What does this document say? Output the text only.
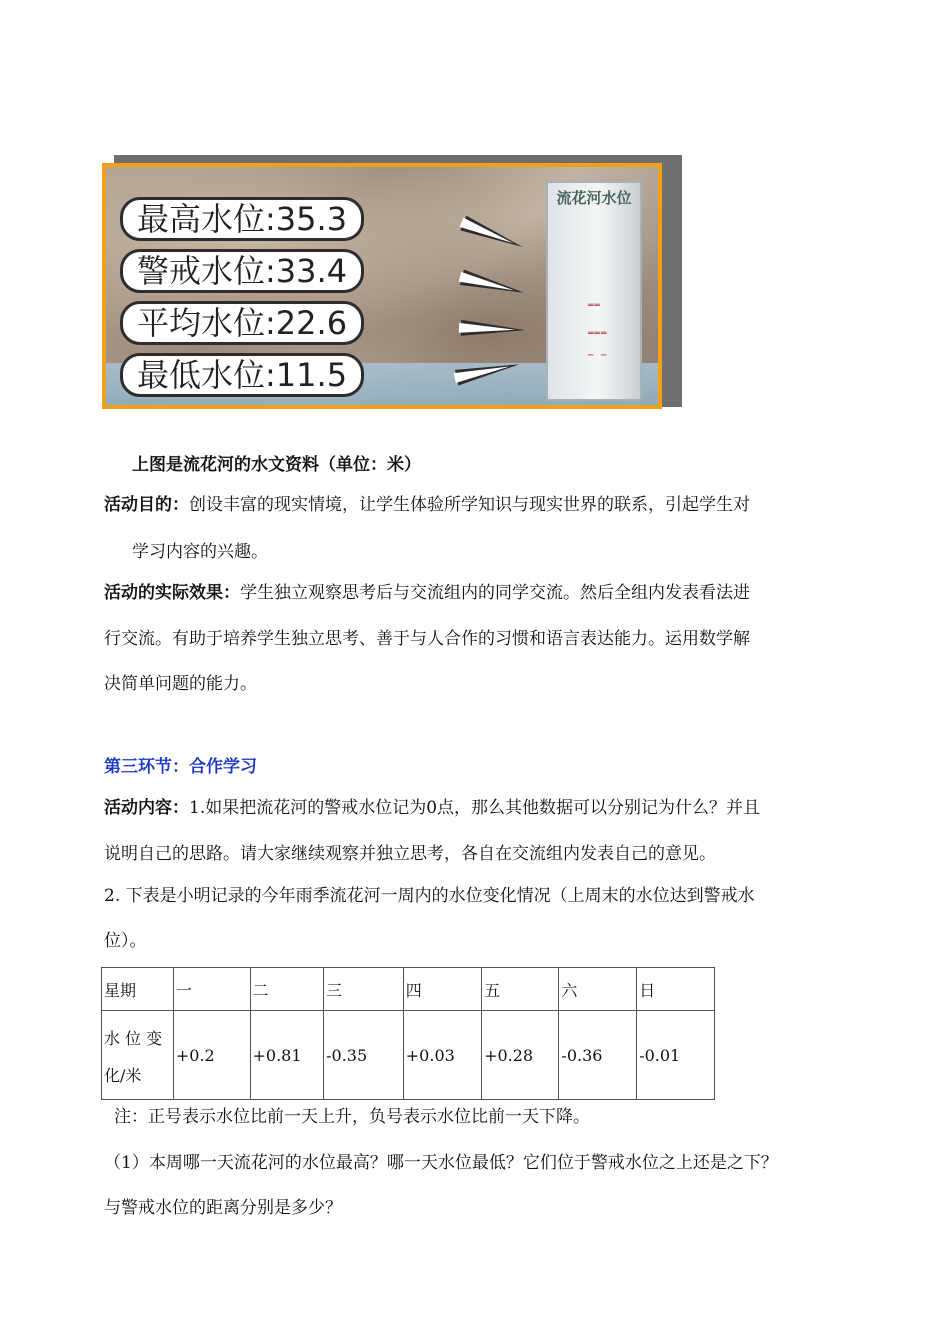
流花河水位
══
═══
─ ─
最高水位:35.3
警戒水位:33.4
平均水位:22.6
最低水位:11.5

上图是流花河的水文资料（单位：米）

活动目的：创设丰富的现实情境，让学生体验所学知识与现实世界的联系，引起学生对

学习内容的兴趣。

活动的实际效果：学生独立观察思考后与交流组内的同学交流。然后全组内发表看法进

行交流。有助于培养学生独立思考、善于与人合作的习惯和语言表达能力。运用数学解

决简单问题的能力。

第三环节：合作学习

活动内容：1.如果把流花河的警戒水位记为0点，那么其他数据可以分别记为什么？并且

说明自己的思路。请大家继续观察并独立思考，各自在交流组内发表自己的意见。

2. 下表是小明记录的今年雨季流花河一周内的水位变化情况（上周末的水位达到警戒水

位）。

星期	一	二	三	四	五	六	日

水 位 变
化/米	+0.2	+0.81	-0.35	+0.03	+0.28	-0.36	-0.01

注：正号表示水位比前一天上升，负号表示水位比前一天下降。

（1）本周哪一天流花河的水位最高？哪一天水位最低？它们位于警戒水位之上还是之下？

与警戒水位的距离分别是多少？
